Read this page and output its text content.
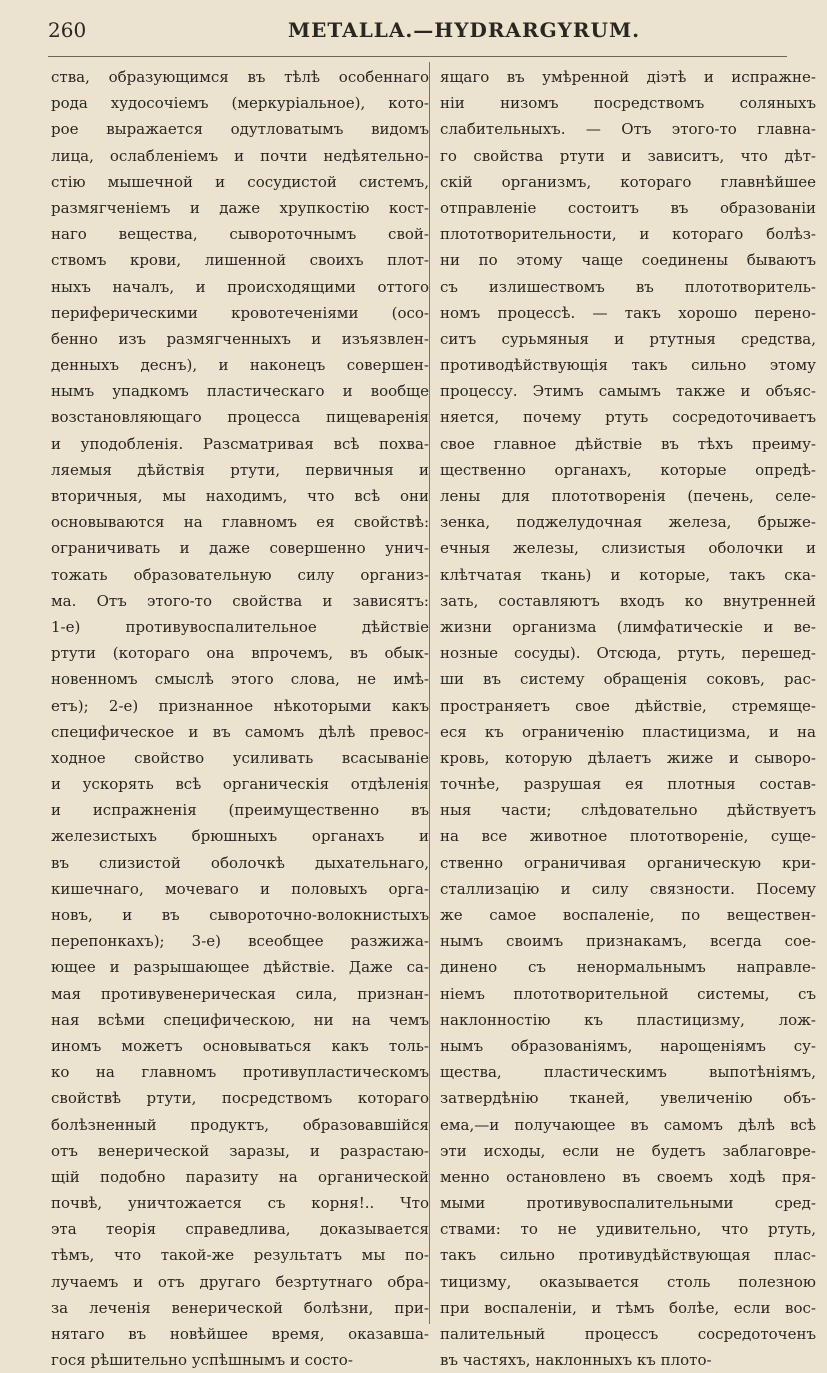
260	METALLA.—HYDRARGYRUM.
ства, образующимся въ тѣлѣ особеннаго
рода худосочіемъ (меркуріальное), кото-
рое выражается одутловатымъ видомъ
лица, ослабленіемъ и почти недѣятельно-
стію мышечной и сосудистой системъ,
размягченіемъ и даже хрупкостію кост-
наго вещества, сывороточнымъ свой-
ствомъ крови, лишенной своихъ плот-
ныхъ началъ, и происходящими оттого
периферическими кровотеченіями (осо-
бенно изъ размягченныхъ и изъязвлен-
денныхъ деснъ), и наконецъ совершен-
нымъ упадкомъ пластическаго и вообще
возстановляющаго процесса пищеваренія
и уподобленія. Разсматривая всѣ похва-
ляемыя дѣйствія ртути, первичныя и
вторичныя, мы находимъ, что всѣ они
основываются на главномъ ея свойствѣ:
ограничивать и даже совершенно унич-
тожать образовательную силу организ-
ма. Отъ этого-то свойства и зависятъ:
1-е) противувоспалительное дѣйствіе
ртути (котораго она впрочемъ, въ обык-
новенномъ смыслѣ этого слова, не имѣ-
етъ); 2-е) признанное нѣкоторыми какъ
специфическое и въ самомъ дѣлѣ превос-
ходное свойство усиливать всасываніе
и ускорять всѣ органическія отдѣленія
и испражненія (преимущественно въ
железистыхъ брюшныхъ органахъ и
въ слизистой оболочкѣ дыхательнаго,
кишечнаго, мочеваго и половыхъ орга-
новъ, и въ сывороточно-волокнистыхъ
перепонкахъ); 3-е) всеобщее разжижа-
ющее и разрышающее дѣйствіе. Даже са-
мая противувенерическая сила, признан-
ная всѣми специфическою, ни на чемъ
иномъ можетъ основываться какъ толь-
ко на главномъ противупластическомъ
свойствѣ ртути, посредствомъ котораго
болѣзненный продуктъ, образовавшійся
отъ венерической заразы, и разрастаю-
щій подобно паразиту на органической
почвѣ, уничтожается съ корня!.. Что
эта теорія справедлива, доказывается
тѣмъ, что такой-же результатъ мы по-
лучаемъ и отъ другаго безртутнаго обра-
за леченія венерической болѣзни, при-
нятаго въ новѣйшее время, оказавша-
гося рѣшительно успѣшнымъ и состо-
ящаго въ умѣренной діэтѣ и испражне-
ніи низомъ посредствомъ соляныхъ
слабительныхъ. — Отъ этого-то главна-
го свойства ртути и зависитъ, что дѣт-
скій организмъ, котораго главнѣйшее
отправленіе состоитъ въ образованіи
плототворительности, и котораго болѣз-
ни по этому чаще соединены бываютъ
съ излишествомъ въ плототворитель-
номъ процессѣ. — такъ хорошо перено-
ситъ сурьмяныя и ртутныя средства,
противодѣйствующія такъ сильно этому
процессу. Этимъ самымъ также и объяс-
няется, почему ртуть сосредоточиваетъ
свое главное дѣйствіе въ тѣхъ преиму-
щественно органахъ, которые опредѣ-
лены для плототворенія (печень, селе-
зенка, поджелудочная железа, брыже-
ечныя железы, слизистыя оболочки и
клѣтчатая ткань) и которые, такъ ска-
зать, составляютъ входъ ко внутренней
жизни организма (лимфатическіе и ве-
нозные сосуды). Отсюда, ртуть, перешед-
ши въ систему обращенія соковъ, рас-
пространяетъ свое дѣйствіе, стремяще-
еся къ ограниченію пластицизма, и на
кровь, которую дѣлаетъ жиже и сыворо-
точнѣе, разрушая ея плотныя состав-
ныя части; слѣдовательно дѣйствуетъ
на все животное плототвореніе, суще-
ственно ограничивая органическую кри-
сталлизацію и силу связности. Посему
же самое воспаленіе, по веществен-
нымъ своимъ признакамъ, всегда сое-
динено съ ненормальнымъ направле-
ніемъ плототворительной системы, съ
наклонностію къ пластицизму, лож-
нымъ образованіямъ, нарощеніямъ су-
щества, пластическимъ выпотѣніямъ,
затвердѣнію тканей, увеличенію объ-
ема,—и получающее въ самомъ дѣлѣ всѣ
эти исходы, если не будетъ заблаговре-
менно остановлено въ своемъ ходѣ пря-
мыми противувоспалительными сред-
ствами: то не удивительно, что ртуть,
такъ сильно противудѣйствующая плас-
тицизму, оказывается столь полезною
при воспаленіи, и тѣмъ болѣе, если вос-
палительный процессъ сосредоточенъ
въ частяхъ, наклонныхъ къ плото-
